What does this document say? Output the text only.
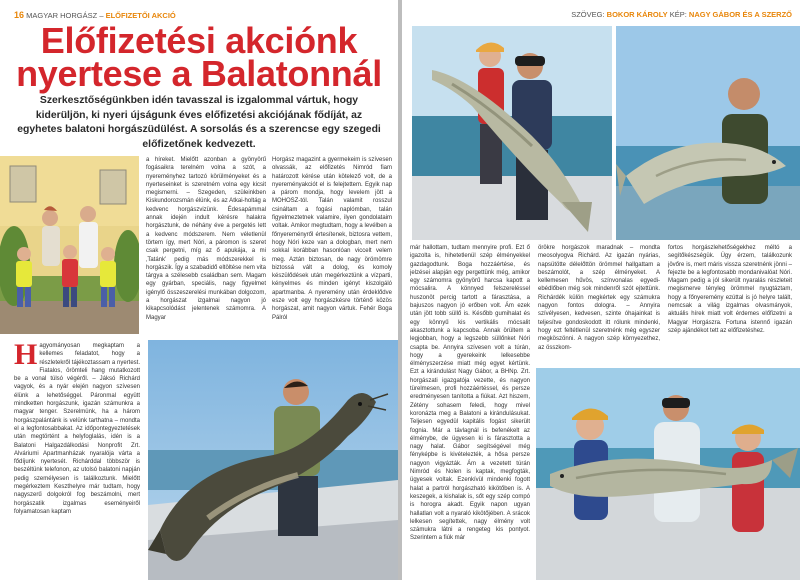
16 MAGYAR HORGÁSZ – ELŐFIZETŐI AKCIÓ
Előfizetési akciónk nyertese a Balatonnál
Szerkesztőségünkben idén tavasszal is izgalommal vártuk, hogy kiderüljön, ki nyeri újságunk éves előfizetési akciójának fődíját, az egyhetes balatoni horgászüdülést. A sorsolás és a szerencse egy szegedi előfizetőnek kedvezett.
a híreket. Mielőtt azonban a gyönyörű fogásaikra terelném volna a szót, a nyereményhez tartozó körülményeket és a nyerteseinket is szeretném volna egy kicsit megismerni. – Szegeden, szüleinkben Kiskundorozsmán élünk, és az Atkai-holtág a kedvenc horgászvizünk. Édesapámmal annak idején indult kérésre halakra horgásztunk, de néhány éve a pergetés lett a kedvenc módszerem. Nem véletlenül törtem így, mert Nóri, a páromon is szeret csak pergetni, míg az ő apukája, a mi ‚Tatánk’ pedig más módszerekkel is horgászik. Így a szabadidő eltöltése nem vita tárgya a szélesebb családban sem. Magam egy gyárban, speciális, nagy figyelmet igénylő összeszerelési munkában dolgozom, a horgászat izgalmai nagyon jó kikapcsolódást jelentenek számomra. A Magyar
Horgász magazint a gyermekeim is szívesen olvassák, az előfizetés Nimród fiam határozott kérése után kötelező volt, de a nyereményakciót el is felejtettem. Egyik nap a párom mondja, hogy levelem jött a MOHOSZ-tól. Talán valamit rosszul csináltam a fogási naplómban, talán figyelmeztetnek valamire, ilyen gondolataim voltak. Amikor megtudtam, hogy a levélben a főnyereményről értesítenek, biztosra vettem, hogy Nóri keze van a dologban, mert nem sokkal korábban hasonlóan viccelt velem meg. Aztán biztosan, de nagy örömömre biztossá vált a dolog, és komoly készülődések után megérkeztünk a vízparti, kényelmes és minden igényt kiszolgáló apartmanba. A nyeremény után érdeklődve esze volt egy horgászkésre történő közös horgászat, amit nagyon vártuk. Fehér Boga Pálról
Hagyományosan megkaptam a kellemes feladatot, hogy a részletekről tájékoztassam a nyertest. Fiatalos, örömteli hang mutatkozott be a vonal túlsó végéről. – Jáksó Richárd vagyok, és a nyár elején nagyon szívesen élünk a lehetőséggel. Páronmal együtt mindketten horgászunk, igazán számunkra a magyar tenger. Szerelmünk, ha a három horgászpalántánk is velünk tarthatna – mondta el a legfontosabbakat. Az időpontegyeztetések után megtörtént a helyfoglalás, idén is a Balatoni Halgazdálkodási Nonprofit Zrt. Alváriumi Apartmanházak nyaralója várta a fődíjunk nyertesét. Richárddal többször is beszéltünk telefonon, az utolsó balatoni napján pedig személyesen is találkoztunk. Mielőtt megérkeztem Keszthelyre már tudtam, hogy nagyszerű dolgokról fog beszámolni, mert horgászatik izgalmas eseményeiről folyamatosan kaptam
SZÖVEG: BOKOR KÁROLY KÉP: NAGY GÁBOR ÉS A SZERZŐ
már hallottam, tudtam mennyire profi. Ezt ő igazolta is, hihetetlenül szép élményekkel gazdagodtunk. Boga hozzáértése, és jelzései alapján egy pergettünk még, amikor egy számomra gyönyörű harcsa kapott a mócsalira. A könnyed felszereléssel huszonöt percig tartott a fárasztása, a bajuszos nagyon jó erőben volt. Ám ezek után jött tobb süllő is. Később gumihalat és egy könnyű kis vertikális mócsalit akasztottunk a kapcsoba. Annak örültem a legjobban, hogy a legszebb süllőnket Nóri csapta be. Annyira szívesen volt a túrán, hogy a gyerekeink lelkesebbe élményszerzése miatt még egyet kértünk. Ezt a kirándulást Nagy Gábor, a BHNp. Zrt. horgászati igazgatója vezette, és nagyon türelmesen, profi hozzáértéssel, és persze eredményesen tanította a fiúkat. Azt hiszem, Zétény sohasem feledi, hogy mivel koronázta meg a Balatoni a kirándulásukat. Teljesen egyedül kapitális fogást sikerült fognia. Már a távlagnál is befenékelt az élménybe, de ügyesen ki is fárasztotta a nagy halat. Gábor segítségével még fényképbe is kivételezték, a hősa persze nagyon vigyázták. Ám a vezetett túrán Nimród és Nolen is kaptak, megfogták, ügyesek voltak. Ezenkívül mindenki fogott halat a partról horgászható kikötőben is. A keszegek, a kishalak is, sőt egy szép compó is horogra akadt. Egyik napon ugyan hallatlan volt a nyaraló kikötőjében. A srácok lelkesen segítettek, nagy élmény volt számukra látni a rengeteg kis pontyot. Szerintem a fiúk már
örökre horgászok maradnak – mondta meosolyogva Richárd. Az igazán nyárias, napsütötte délelőttön örömmel hallgattam a beszámolót, a szép élményeket. A kellemesen hűvös, színvonalas egyedi-ebédlőben még sok mindenről szót ejtettünk. Richárdék külön megkértek egy számukra nagyon fontos dologra. – Annyira szívélyesen, kedvesen, szinte óhajainkat is teljesítve gondoskodott itt rólunk mindenki, hogy ezt feltétlenül szeretnénk még egyszer megköszönni. A nagyon szép környezethez, az összkom-
fortos horgászlehetőségekhez méltó a segítőkészségük. Úgy érzem, találkozunk jövőre is, mert máris vissza szeretnénk jönni – fejezte be a legfontosabb mondanivalóat Nóri. Magam pedig a jól sikerült nyaralás részleteit megismerve tényleg örömmel nyugtáztam, hogy a főnyeremény ezúttal is jó helyre talált, nemcsak a világ izgalmas olvasmányok, aktuális hírek miatt volt érdemes előfizetni a Magyar Horgászra. Fortuna istennő igazán szép ajándékot tett az előfizetéshez.
